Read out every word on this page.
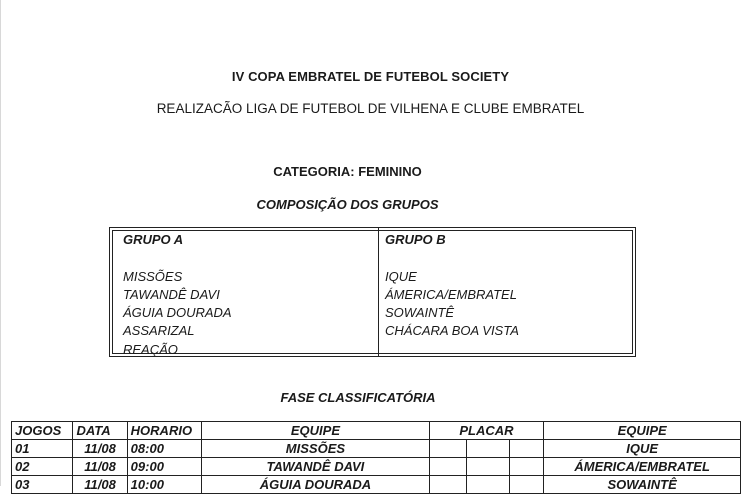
IV COPA EMBRATEL DE FUTEBOL SOCIETY
REALIZACÃO LIGA DE FUTEBOL DE VILHENA E CLUBE EMBRATEL
CATEGORIA: FEMININO
COMPOSIÇÃO DOS GRUPOS
GRUPO A
MISSÕES
TAWANDÊ DAVI
ÁGUIA DOURADA
ASSARIZAL
REAÇÃO
GRUPO B
IQUE
ÁMERICA/EMBRATEL
SOWAINTÊ
CHÁCARA BOA VISTA
FASE CLASSIFICATÓRIA
JOGOS	DATA	HORARIO	EQUIPE	PLACAR			EQUIPE
01	11/08	08:00	MISSÕES				IQUE
02	11/08	09:00	TAWANDÊ DAVI				ÁMERICA/EMBRATEL
03	11/08	10:00	ÁGUIA DOURADA				SOWAINTÊ
